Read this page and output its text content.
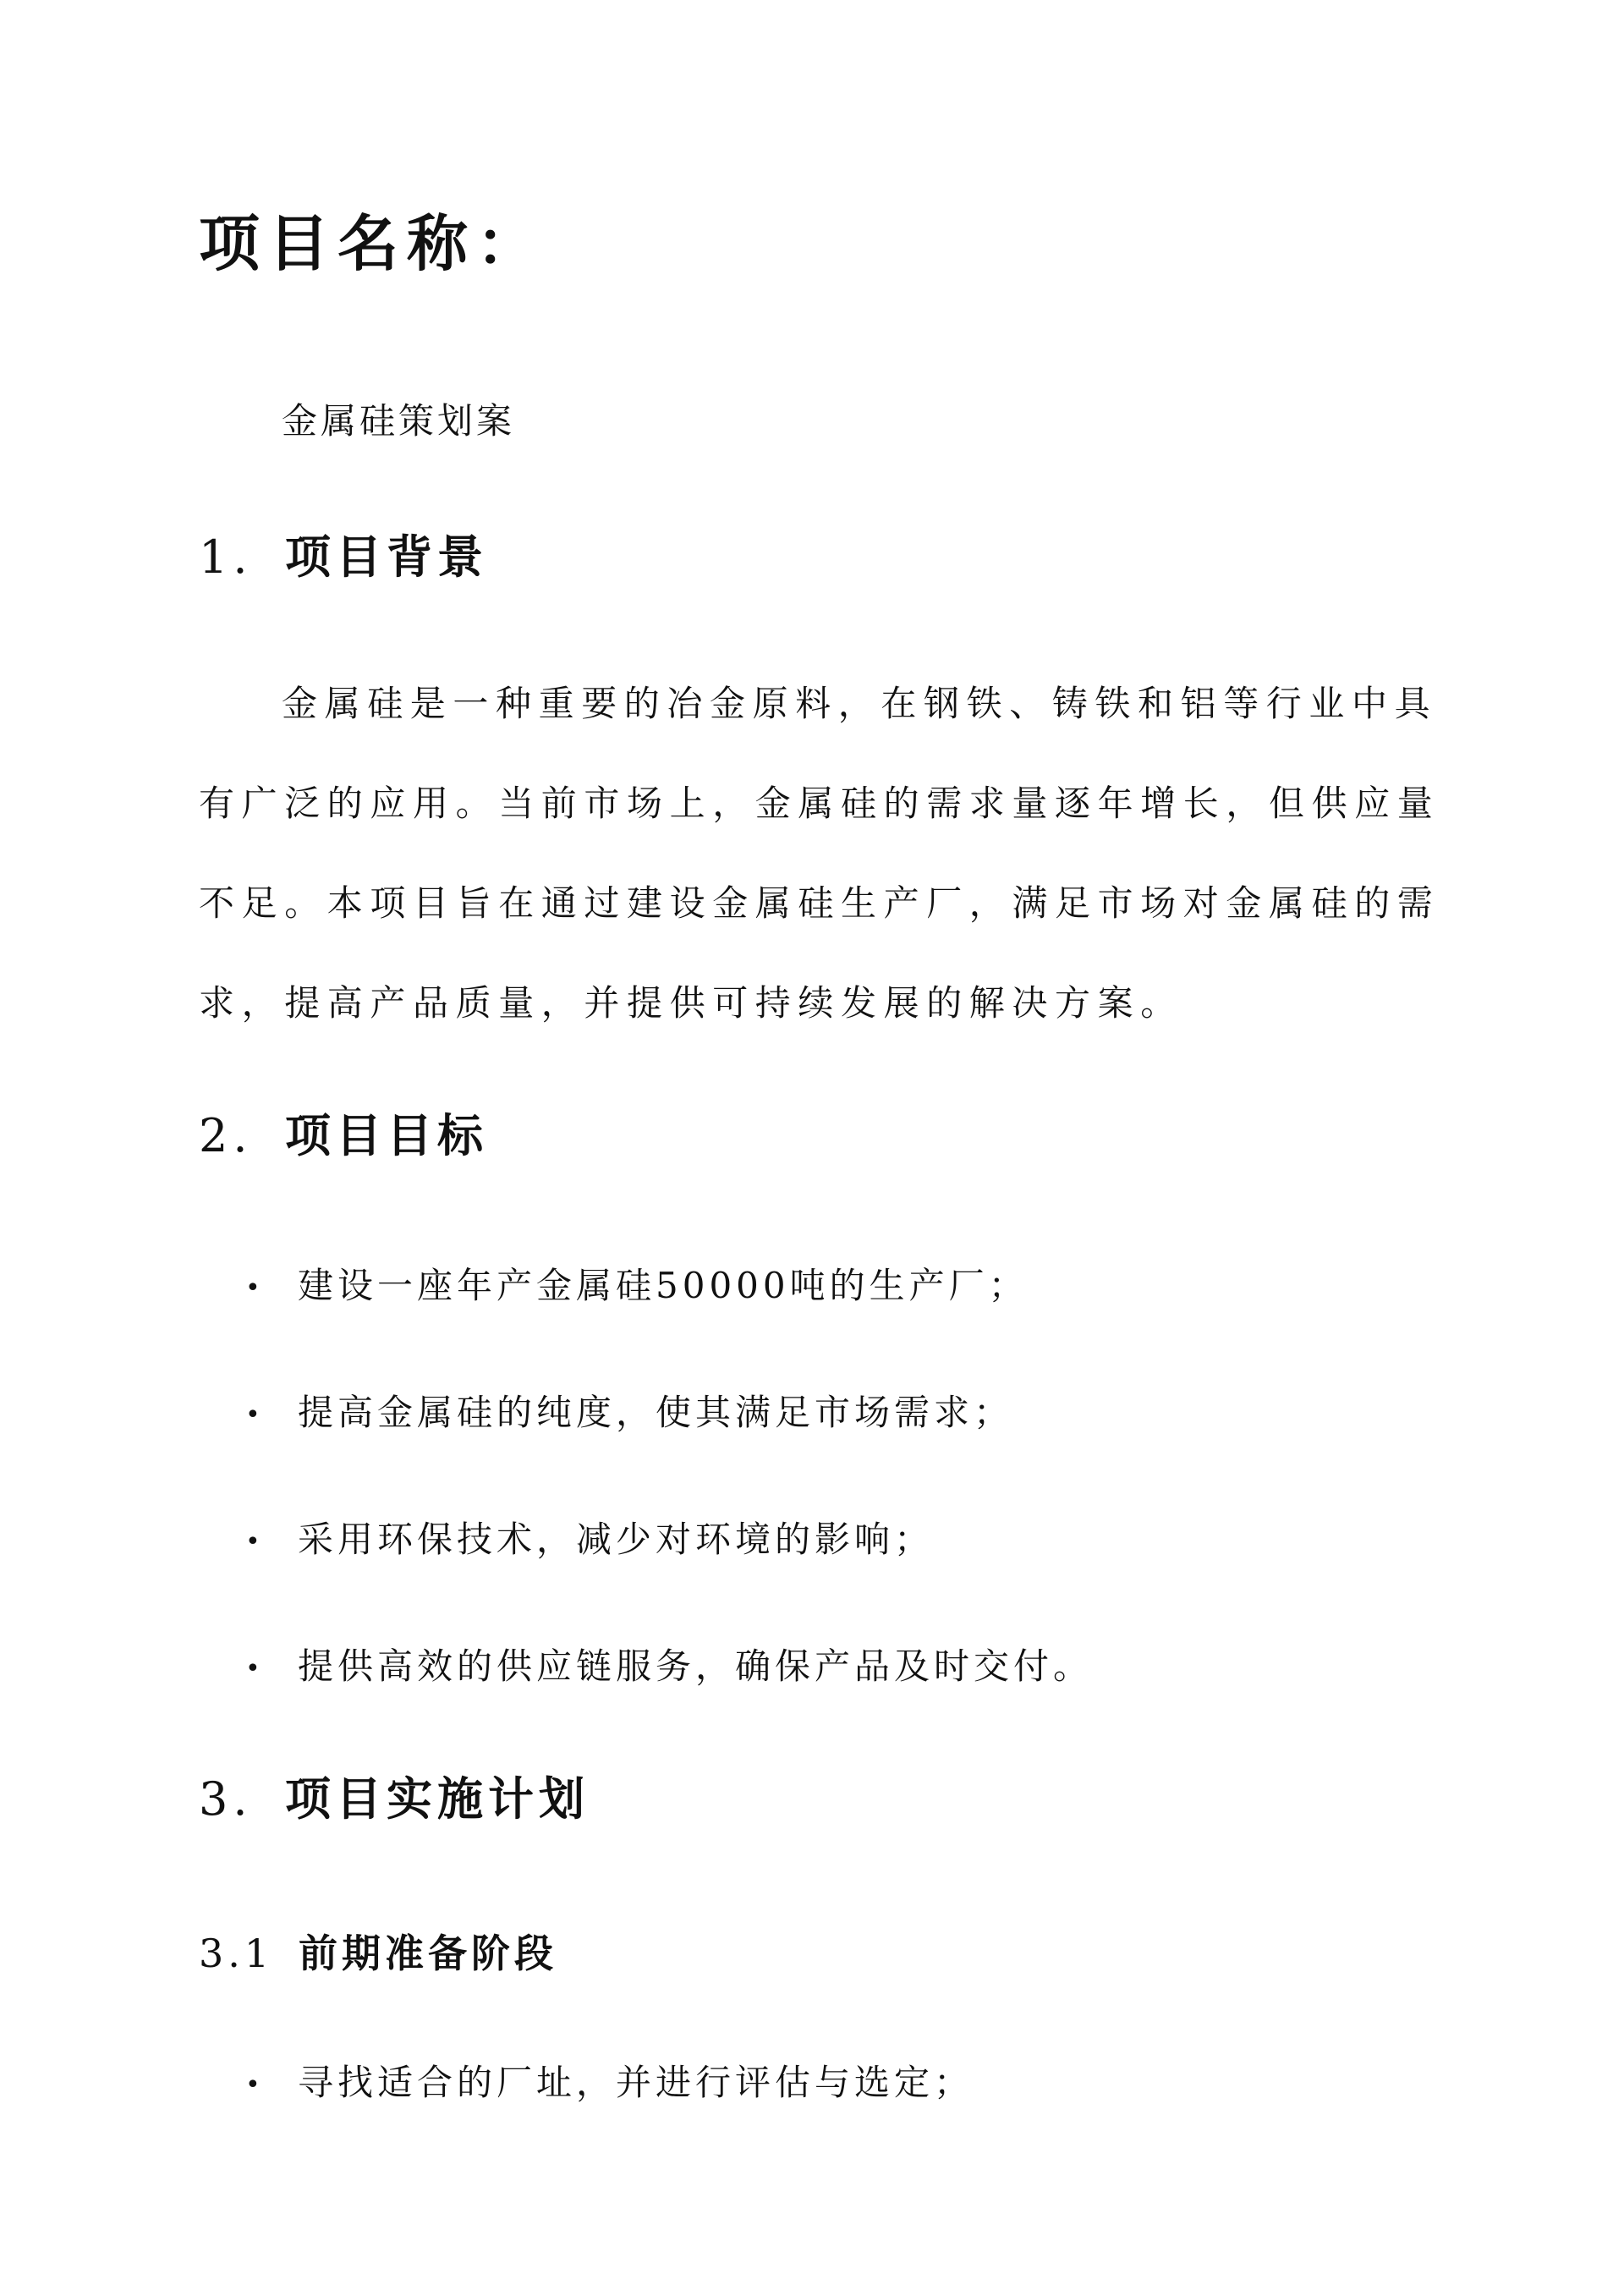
项目名称：

金属硅策划案

1. 项目背景

金属硅是一种重要的冶金原料，在钢铁、铸铁和铝等行业中具

有广泛的应用。当前市场上，金属硅的需求量逐年增长，但供应量

不足。本项目旨在通过建设金属硅生产厂，满足市场对金属硅的需

求，提高产品质量，并提供可持续发展的解决方案。

2. 项目目标

• 建设一座年产金属硅50000吨的生产厂；

• 提高金属硅的纯度，使其满足市场需求；

• 采用环保技术，减少对环境的影响；

• 提供高效的供应链服务，确保产品及时交付。

3. 项目实施计划
3.1 前期准备阶段

• 寻找适合的厂址，并进行评估与选定；
